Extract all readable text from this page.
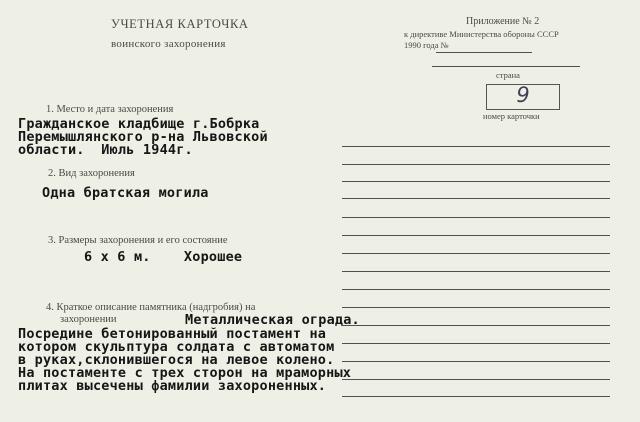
УЧЕТНАЯ КАРТОЧКА
воинского захоронения
Приложение № 2
к директиве Министерства обороны СССР
1990 года №
страна
9
номер карточки
1. Место и дата захоронения
Гражданское кладбище г.Бобрка
Перемышлянского р-на Львовской
области.  Июль 1944г.
2. Вид захоронения
Одна братская могила
3. Размеры захоронения и его состояние
6 х 6 м.    Хорошее
4. Краткое описание памятника (надгробия) на
захоронении	Металлическая ограда.
Посредине бетонированный постамент на
котором скульптура солдата с автоматом
в руках,склонившегося на левое колено.
На постаменте с трех сторон на мраморных
плитах высечены фамилии захороненных.
